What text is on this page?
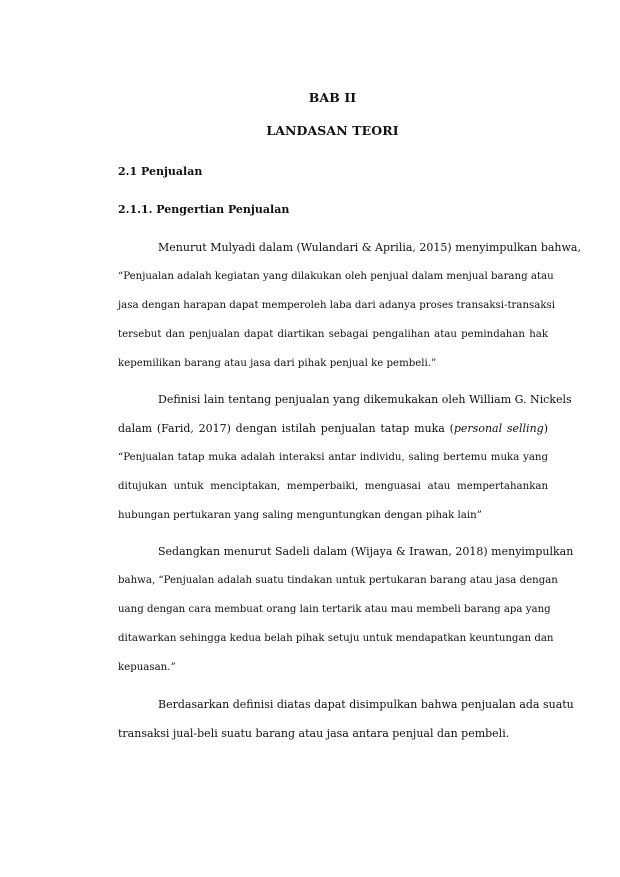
BAB II
LANDASAN TEORI
2.1 Penjualan
2.1.1. Pengertian Penjualan
Menurut Mulyadi dalam (Wulandari & Aprilia, 2015) menyimpulkan bahwa,
“Penjualan adalah kegiatan yang dilakukan oleh penjual dalam menjual barang atau
jasa dengan harapan dapat memperoleh laba dari adanya proses transaksi-transaksi
tersebut dan penjualan dapat diartikan sebagai pengalihan atau pemindahan hak
kepemilikan barang atau jasa dari pihak penjual ke pembeli.”
Definisi lain tentang penjualan yang dikemukakan oleh William G. Nickels
dalam (Farid, 2017) dengan istilah penjualan tatap muka (personal selling)
“Penjualan tatap muka adalah interaksi antar individu, saling bertemu muka yang
ditujukan untuk menciptakan, memperbaiki, menguasai atau mempertahankan
hubungan pertukaran yang saling menguntungkan dengan pihak lain”
Sedangkan menurut Sadeli dalam (Wijaya & Irawan, 2018) menyimpulkan
bahwa, “Penjualan adalah suatu tindakan untuk pertukaran barang atau jasa dengan
uang dengan cara membuat orang lain tertarik atau mau membeli barang apa yang
ditawarkan sehingga kedua belah pihak setuju untuk mendapatkan keuntungan dan
kepuasan.”
Berdasarkan definisi diatas dapat disimpulkan bahwa penjualan ada suatu
transaksi jual-beli suatu barang atau jasa antara penjual dan pembeli.
